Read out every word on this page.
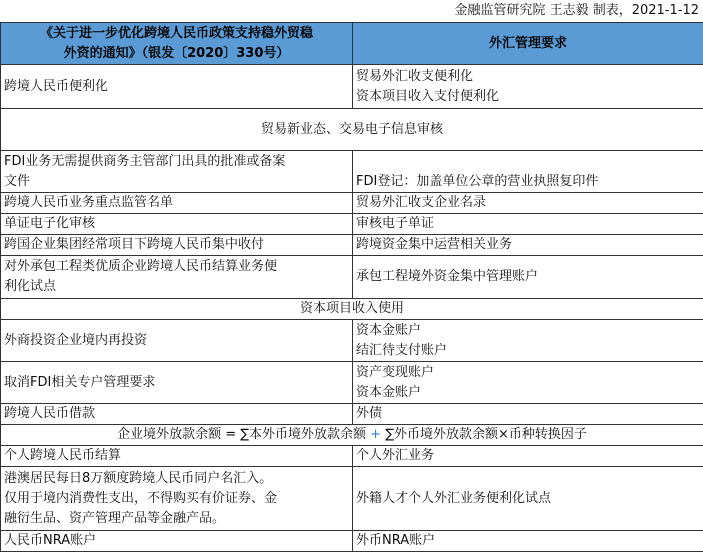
金融监管研究院 王志毅 制表，2021-1-12
《关于进一步优化跨境人民币政策支持稳外贸稳
外资的通知》（银发〔2020〕330号）	外汇管理要求
跨境人民币便利化	贸易外汇收支便利化
资本项目收入支付便利化

贸易新业态、交易电子信息审核	

FDI业务无需提供商务主管部门出具的批准或备案
文件	FDI登记：加盖单位公章的营业执照复印件
跨境人民币业务重点监管名单	贸易外汇收支企业名录
单证电子化审核	审核电子单证
跨国企业集团经常项目下跨境人民币集中收付	跨境资金集中运营相关业务

对外承包工程类优质企业跨境人民币结算业务便
利化试点	承包工程境外资金集中管理账户
资本项目收入使用	
外商投资企业境内再投资	资本金账户
结汇待支付账户

取消FDI相关专户管理要求	资产变现账户
资本金账户

跨境人民币借款	外债
企业境外放款余额 = ∑本外币境外放款余额 + ∑外币境外放款余额×币种转换因子	
个人跨境人民币结算	个人外汇业务

港澳居民每日8万额度跨境人民币同户名汇入。
仅用于境内消费性支出，不得购买有价证券、金
融衍生品、资产管理产品等金融产品。	外籍人才个人外汇业务便利化试点
人民币NRA账户	外币NRA账户
